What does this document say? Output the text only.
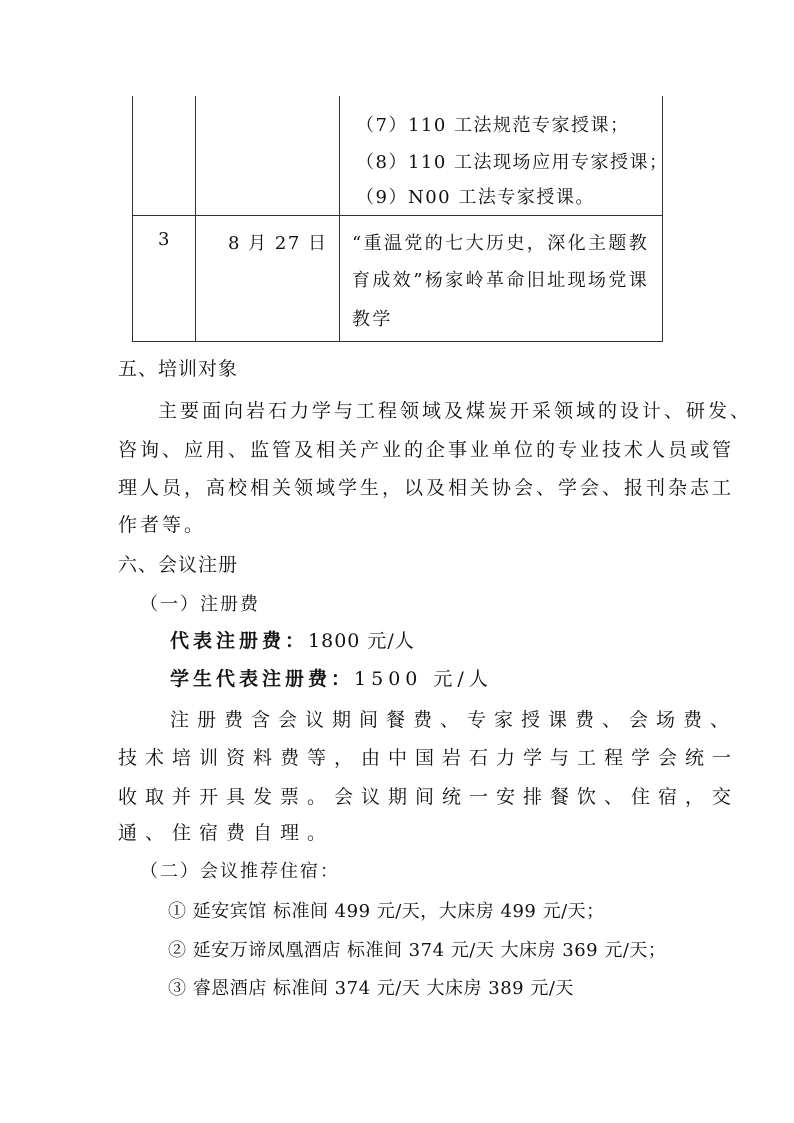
（7）110 工法规范专家授课；
（8）110 工法现场应用专家授课；
（9）N00 工法专家授课。
3	8 月 27 日 “重温党的七大历史，深化主题教
育成效”杨家岭革命旧址现场党课
教学
五、培训对象
主要面向岩石力学与工程领域及煤炭开采领域的设计、研发、
咨询、应用、监管及相关产业的企事业单位的专业技术人员或管
理人员，高校相关领域学生，以及相关协会、学会、报刊杂志工
作者等。
六、会议注册
（一）注册费
代表注册费：1800 元/人
学生代表注册费：1500 元/人
注册费含会议期间餐费、专家授课费、会场费、
技术培训资料费等，由中国岩石力学与工程学会统一
收取并开具发票。会议期间统一安排餐饮、住宿，交
通、住宿费自理。
（二）会议推荐住宿：
① 延安宾馆 标准间 499 元/天，大床房 499 元/天；
② 延安万谛凤凰酒店 标准间 374 元/天 大床房 369 元/天；
③ 睿恩酒店 标准间 374 元/天 大床房 389 元/天
